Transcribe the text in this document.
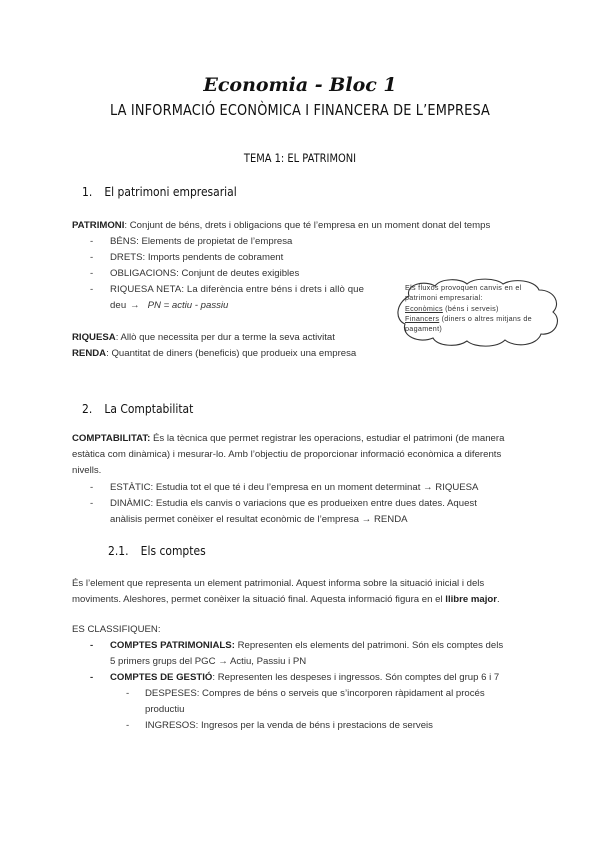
Economia - Bloc 1
LA INFORMACIÓ ECONÒMICA I FINANCERA DE L’EMPRESA
TEMA 1: EL PATRIMONI
1. El patrimoni empresarial
PATRIMONI: Conjunt de béns, drets i obligacions que té l’empresa en un moment donat del temps
- BÉNS: Elements de propietat de l’empresa
- DRETS: Imports pendents de cobrament
- OBLIGACIONS: Conjunt de deutes exigibles
- RIQUESA NETA: La diferència entre béns i drets i allò que deu → PN = actiu - passiu
RIQUESA: Allò que necessita per dur a terme la seva activitat
RENDA: Quantitat de diners (beneficis) que produeix una empresa
Els fluxos provoquen canvis en el
patrimoni empresarial:
Econòmics (béns i serveis)
Financers (diners o altres mitjans de
pagament)
2. La Comptabilitat
COMPTABILITAT: És la tècnica que permet registrar les operacions, estudiar el patrimoni (de manera
estàtica com dinàmica) i mesurar-lo. Amb l’objectiu de proporcionar informació econòmica a diferents
nivells.
- ESTÀTIC: Estudia tot el que té i deu l’empresa en un moment determinat → RIQUESA
- DINÀMIC: Estudia els canvis o variacions que es produeixen entre dues dates. Aquest
anàlisis permet conèixer el resultat econòmic de l’empresa → RENDA
2.1. Els comptes
És l’element que representa un element patrimonial. Aquest informa sobre la situació inicial i dels
moviments. Aleshores, permet conèixer la situació final. Aquesta informació figura en el llibre major.
ES CLASSIFIQUEN:
- COMPTES PATRIMONIALS: Representen els elements del patrimoni. Són els comptes dels
5 primers grups del PGC → Actiu, Passiu i PN
- COMPTES DE GESTIÓ: Representen les despeses i ingressos. Són comptes del grup 6 i 7
- DESPESES: Compres de béns o serveis que s’incorporen ràpidament al procés
productiu
- INGRESOS: Ingresos per la venda de béns i prestacions de serveis
